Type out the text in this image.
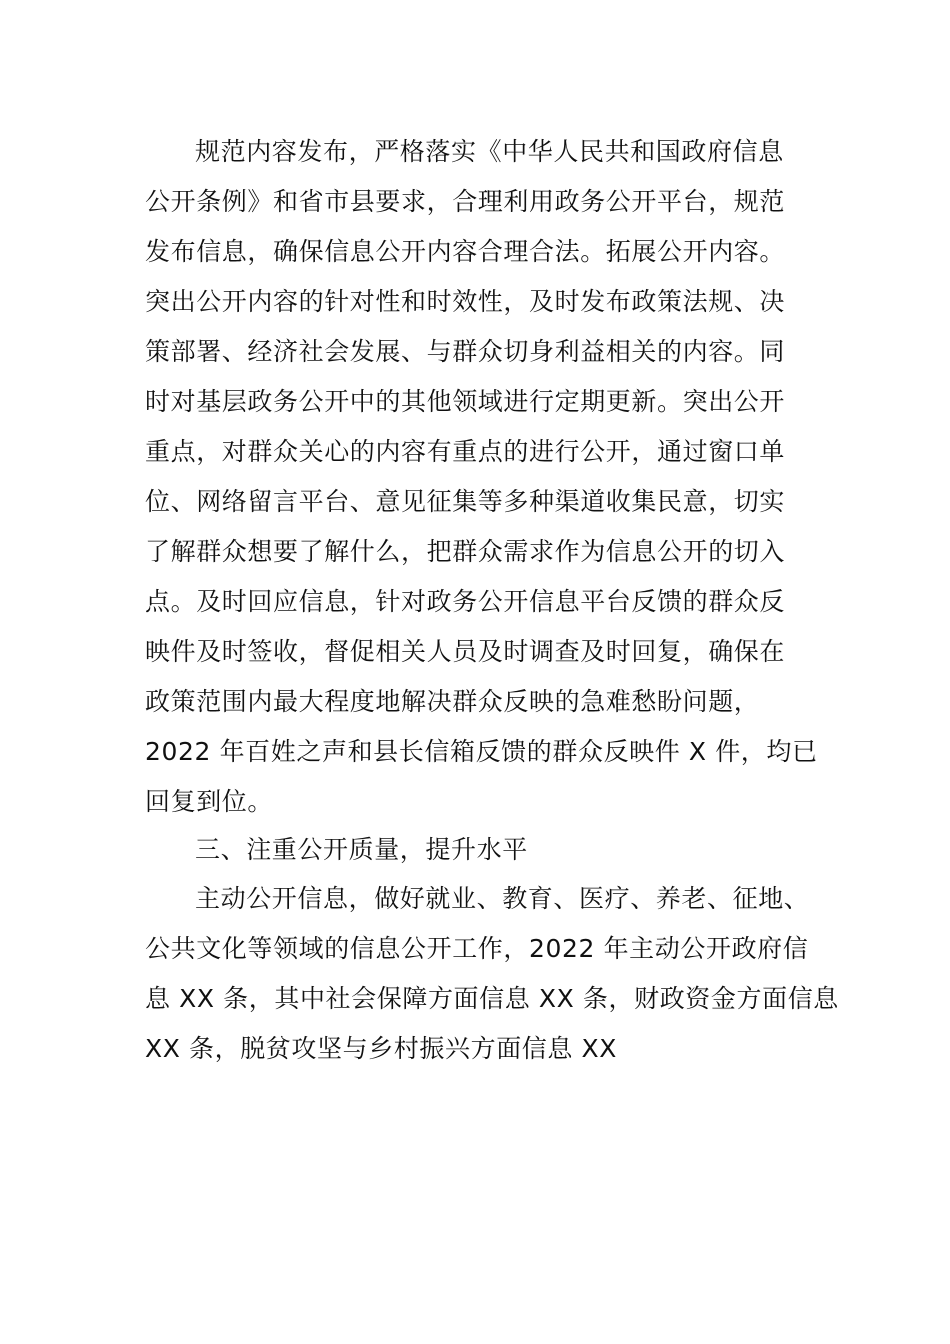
规范内容发布，严格落实《中华人民共和国政府信息
公开条例》和省市县要求，合理利用政务公开平台，规范
发布信息，确保信息公开内容合理合法。拓展公开内容。
突出公开内容的针对性和时效性，及时发布政策法规、决
策部署、经济社会发展、与群众切身利益相关的内容。同
时对基层政务公开中的其他领域进行定期更新。突出公开
重点，对群众关心的内容有重点的进行公开，通过窗口单
位、网络留言平台、意见征集等多种渠道收集民意，切实
了解群众想要了解什么，把群众需求作为信息公开的切入
点。及时回应信息，针对政务公开信息平台反馈的群众反
映件及时签收，督促相关人员及时调查及时回复，确保在
政策范围内最大程度地解决群众反映的急难愁盼问题，
2022 年百姓之声和县长信箱反馈的群众反映件 X 件，均已
回复到位。
三、注重公开质量，提升水平
主动公开信息，做好就业、教育、医疗、养老、征地、
公共文化等领域的信息公开工作，2022 年主动公开政府信
息 XX 条，其中社会保障方面信息 XX 条，财政资金方面信息
XX 条，脱贫攻坚与乡村振兴方面信息 XX
